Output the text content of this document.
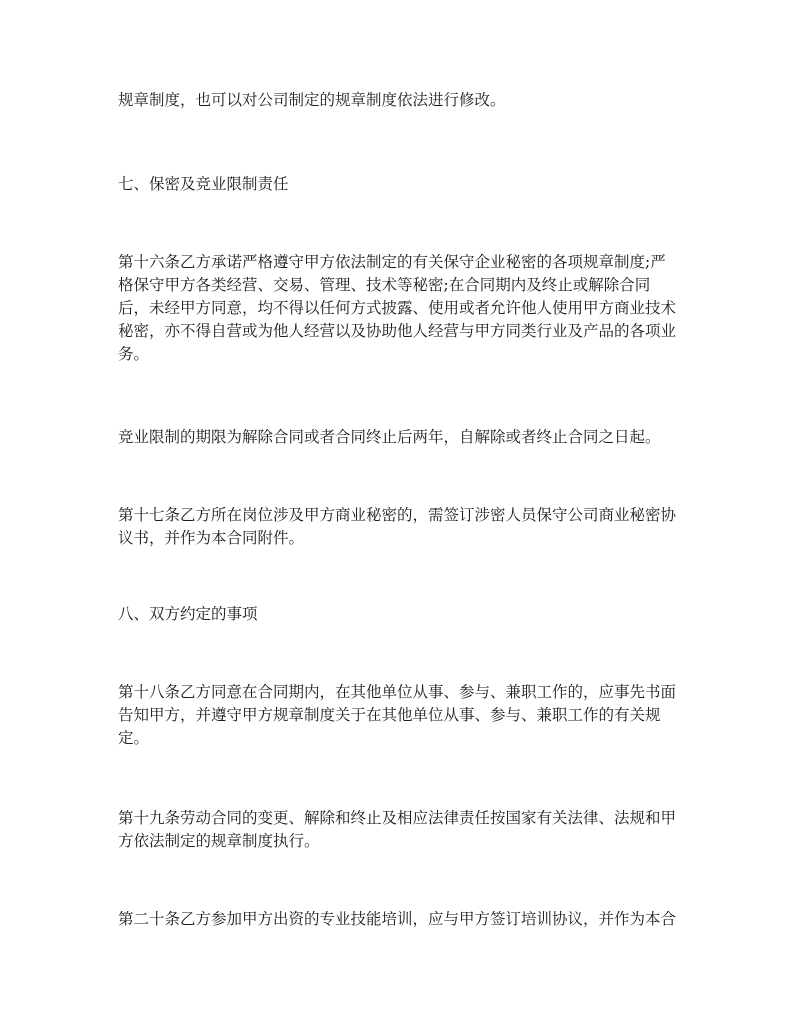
规章制度，也可以对公司制定的规章制度依法进行修改。
七、保密及竞业限制责任
第十六条乙方承诺严格遵守甲方依法制定的有关保守企业秘密的各项规章制度;严
格保守甲方各类经营、交易、管理、技术等秘密;在合同期内及终止或解除合同
后，未经甲方同意，均不得以任何方式披露、使用或者允许他人使用甲方商业技术
秘密，亦不得自营或为他人经营以及协助他人经营与甲方同类行业及产品的各项业
务。
竞业限制的期限为解除合同或者合同终止后两年，自解除或者终止合同之日起。
第十七条乙方所在岗位涉及甲方商业秘密的，需签订涉密人员保守公司商业秘密协
议书，并作为本合同附件。
八、双方约定的事项
第十八条乙方同意在合同期内，在其他单位从事、参与、兼职工作的，应事先书面
告知甲方，并遵守甲方规章制度关于在其他单位从事、参与、兼职工作的有关规
定。
第十九条劳动合同的变更、解除和终止及相应法律责任按国家有关法律、法规和甲
方依法制定的规章制度执行。
第二十条乙方参加甲方出资的专业技能培训，应与甲方签订培训协议，并作为本合
